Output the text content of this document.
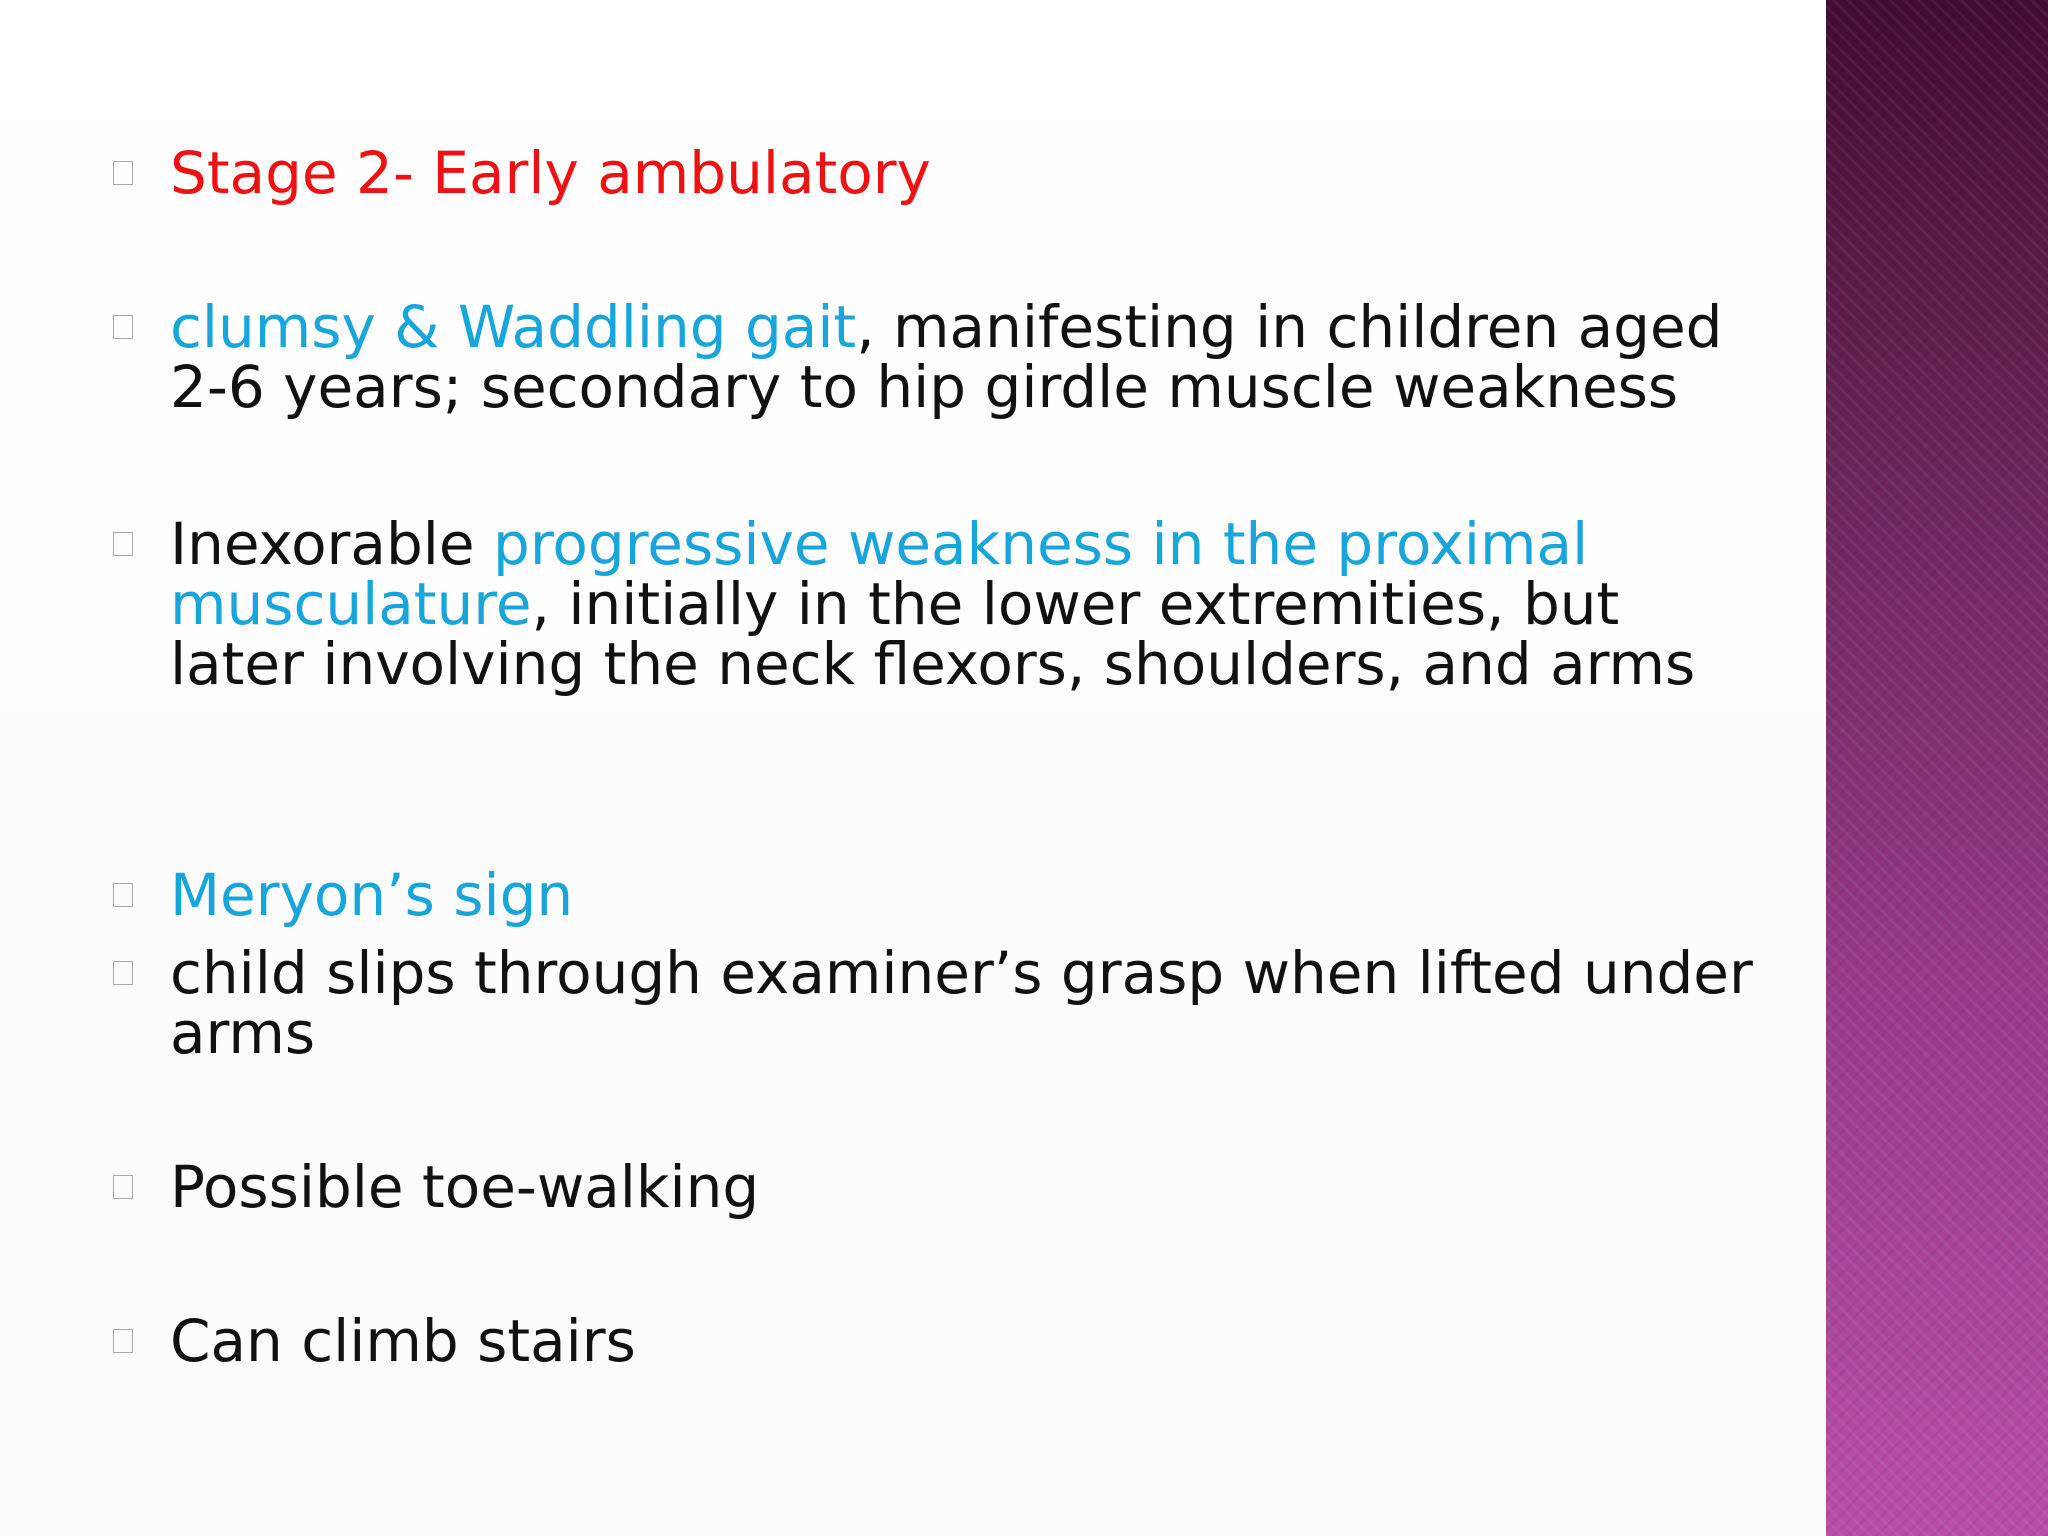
Stage 2- Early ambulatory
clumsy & Waddling gait, manifesting in children aged 2-6 years; secondary to hip girdle muscle weakness
Inexorable progressive weakness in the proximal musculature, initially in the lower extremities, but later involving the neck flexors, shoulders, and arms
Meryon’s sign
child slips through examiner’s grasp when lifted under arms
Possible toe-walking
Can climb stairs
